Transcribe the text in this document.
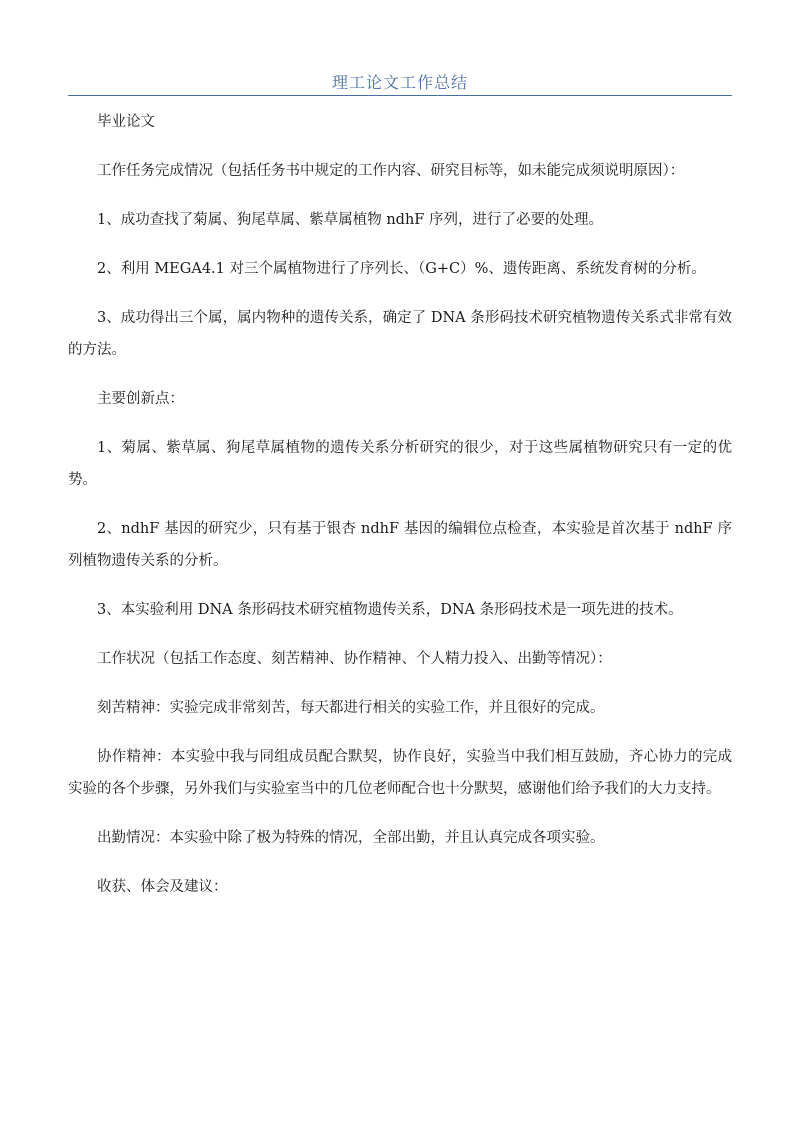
理工论文工作总结

毕业论文

工作任务完成情况（包括任务书中规定的工作内容、研究目标等，如未能完成须说明原因）：

1、成功查找了菊属、狗尾草属、紫草属植物 ndhF 序列，进行了必要的处理。

2、利用 MEGA4.1 对三个属植物进行了序列长、（G+C）%、遗传距离、系统发育树的分析。

3、成功得出三个属，属内物种的遗传关系，确定了 DNA 条形码技术研究植物遗传关系式非常有效的方法。

主要创新点：

1、菊属、紫草属、狗尾草属植物的遗传关系分析研究的很少，对于这些属植物研究只有一定的优势。

2、ndhF 基因的研究少，只有基于银杏 ndhF 基因的编辑位点检查，本实验是首次基于 ndhF 序列植物遗传关系的分析。

3、本实验利用 DNA 条形码技术研究植物遗传关系，DNA 条形码技术是一项先进的技术。

工作状况（包括工作态度、刻苦精神、协作精神、个人精力投入、出勤等情况）：

刻苦精神：实验完成非常刻苦，每天都进行相关的实验工作，并且很好的完成。

协作精神：本实验中我与同组成员配合默契，协作良好，实验当中我们相互鼓励，齐心协力的完成实验的各个步骤，另外我们与实验室当中的几位老师配合也十分默契，感谢他们给予我们的大力支持。

出勤情况：本实验中除了极为特殊的情况，全部出勤，并且认真完成各项实验。

收获、体会及建议：
